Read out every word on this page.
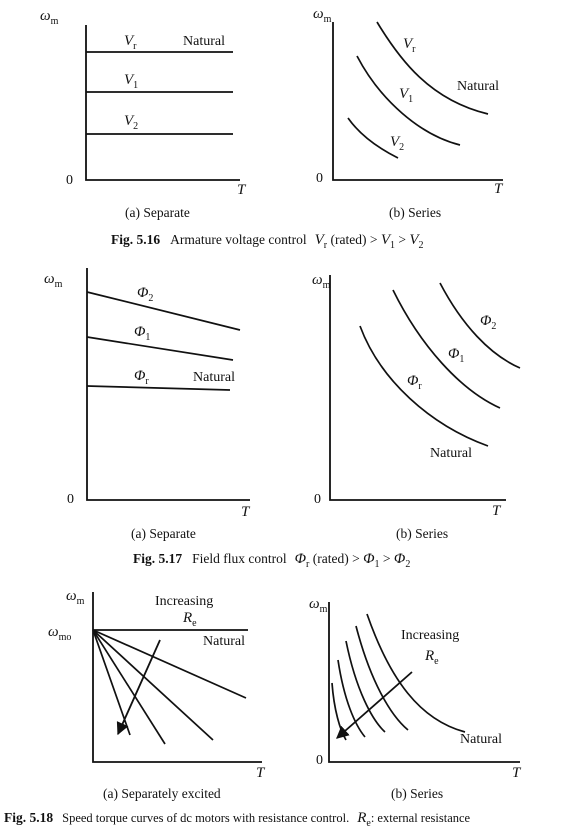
$\omega_m$
T
0
$V_r$	Natural
$V_1$
$V_2$
(a) Separate
$\omega_m$
T
0
$V_r$
Natural
$V_1$
$V_2$
(b) Series
Fig. 5.16 Armature voltage control $V_r$ $^{(rated) >}$ $V_1$ > $V_2$
$\omega_m$
T
0
$\Phi_2$
$\Phi_1$
$\Phi_r$	Natural
(a) Separate
$\omega_m$
T
0
$\Phi_2$
$\Phi_1$
$\Phi_r$
Natural
(b) Series
Fig. 5.17 Field flux control $\Phi_r$ $^{(rated) >}$ $\Phi_1$ > $\Phi_2$
$\omega_m$
T
$\omega_{mo}$
Increasing
$R_e$
Natural
(a) Separately excited
$\omega_m$
T
0
Increasing
$R_e$
Natural
(b) Series
Fig. 5.18 Speed torque curves of dc motors with resistance control. $R_e^{: external resistance}$
